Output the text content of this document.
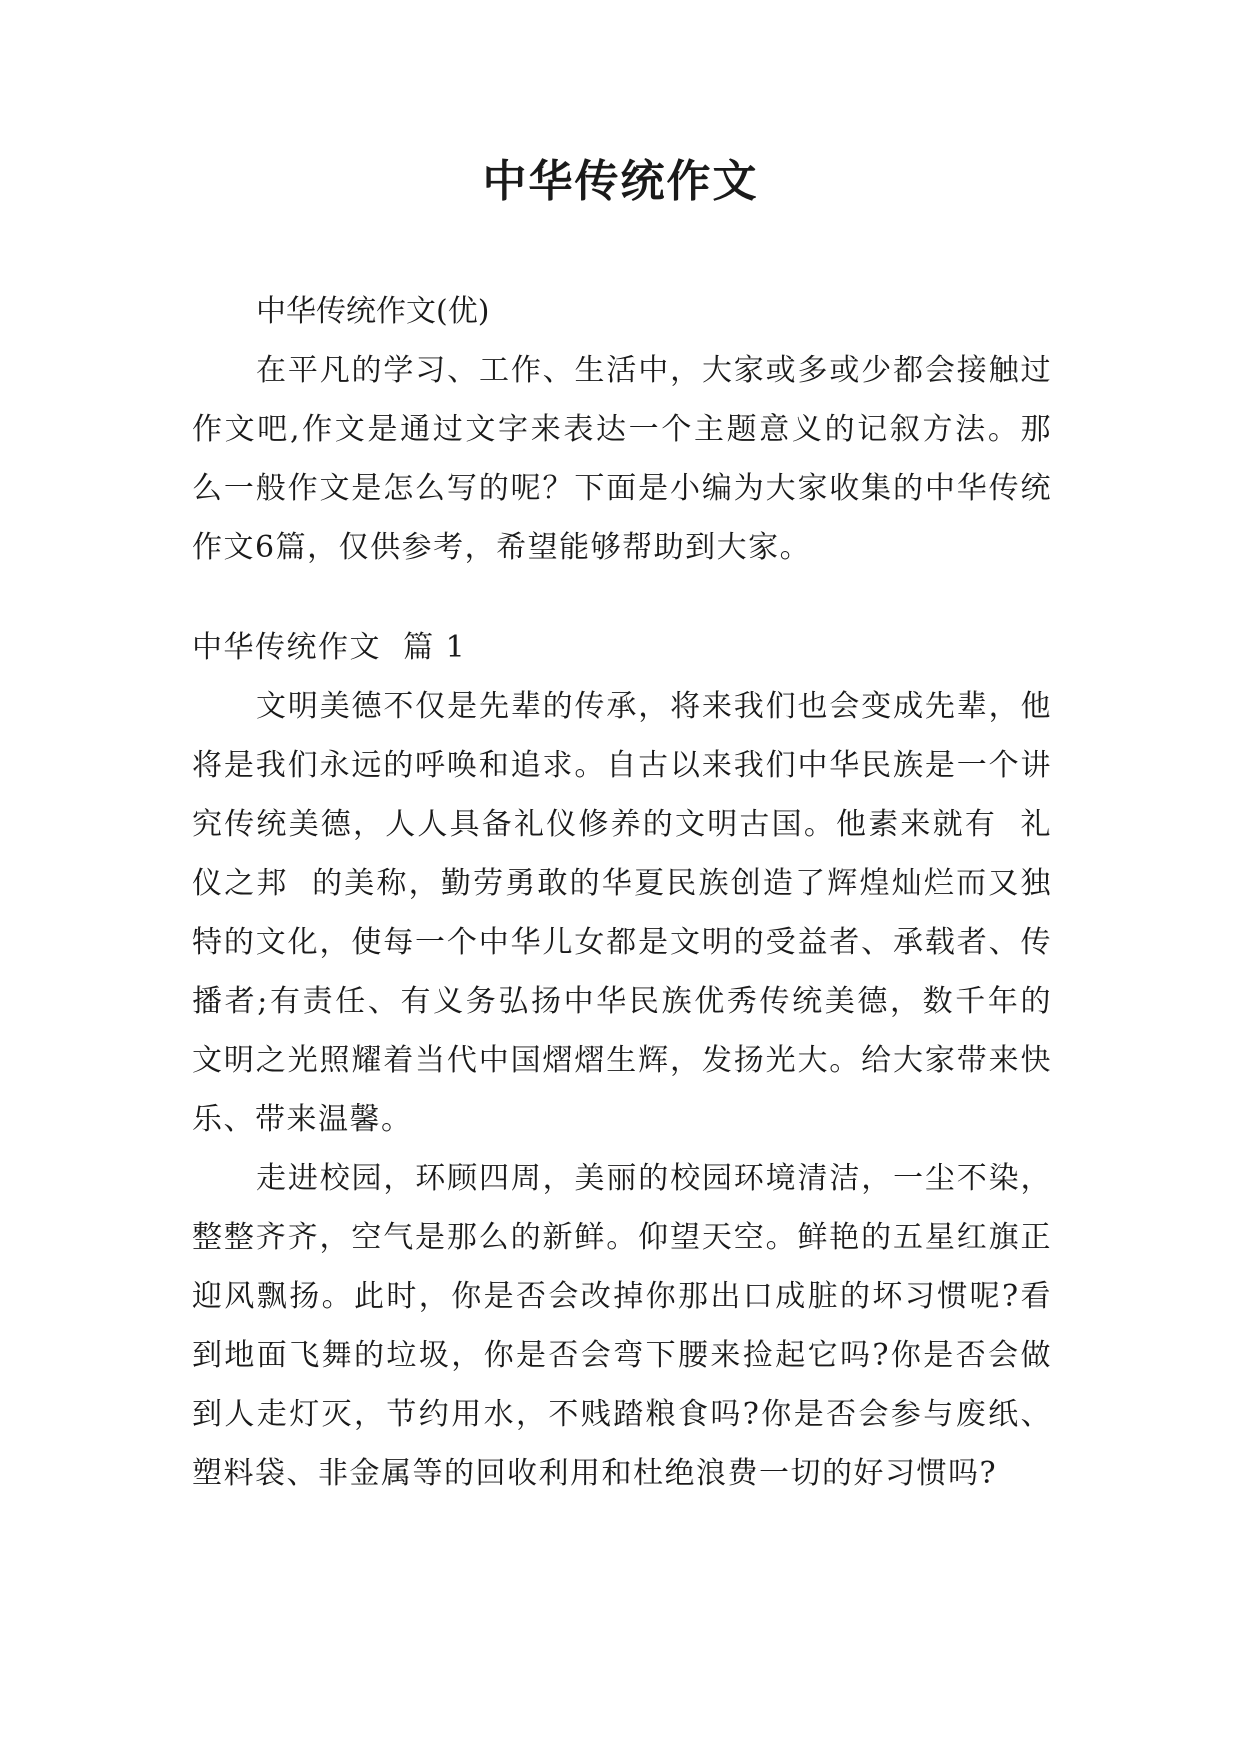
中华传统作文
中华传统作文(优)

在平凡的学习、工作、生活中，大家或多或少都会接触过作文吧,作文是通过文字来表达一个主题意义的记叙方法。那么一般作文是怎么写的呢？下面是小编为大家收集的中华传统作文6篇，仅供参考，希望能够帮助到大家。

中华传统作文  篇 1

文明美德不仅是先辈的传承，将来我们也会变成先辈，他将是我们永远的呼唤和追求。自古以来我们中华民族是一个讲究传统美德，人人具备礼仪修养的文明古国。他素来就有  礼仪之邦  的美称，勤劳勇敢的华夏民族创造了辉煌灿烂而又独特的文化，使每一个中华儿女都是文明的受益者、承载者、传播者;有责任、有义务弘扬中华民族优秀传统美德，数千年的文明之光照耀着当代中国熠熠生辉，发扬光大。给大家带来快乐、带来温馨。

走进校园，环顾四周，美丽的校园环境清洁，一尘不染，整整齐齐，空气是那么的新鲜。仰望天空。鲜艳的五星红旗正迎风飘扬。此时，你是否会改掉你那出口成脏的坏习惯呢?看到地面飞舞的垃圾，你是否会弯下腰来捡起它吗?你是否会做到人走灯灭，节约用水，不贱踏粮食吗?你是否会参与废纸、塑料袋、非金属等的回收利用和杜绝浪费一切的好习惯吗?
